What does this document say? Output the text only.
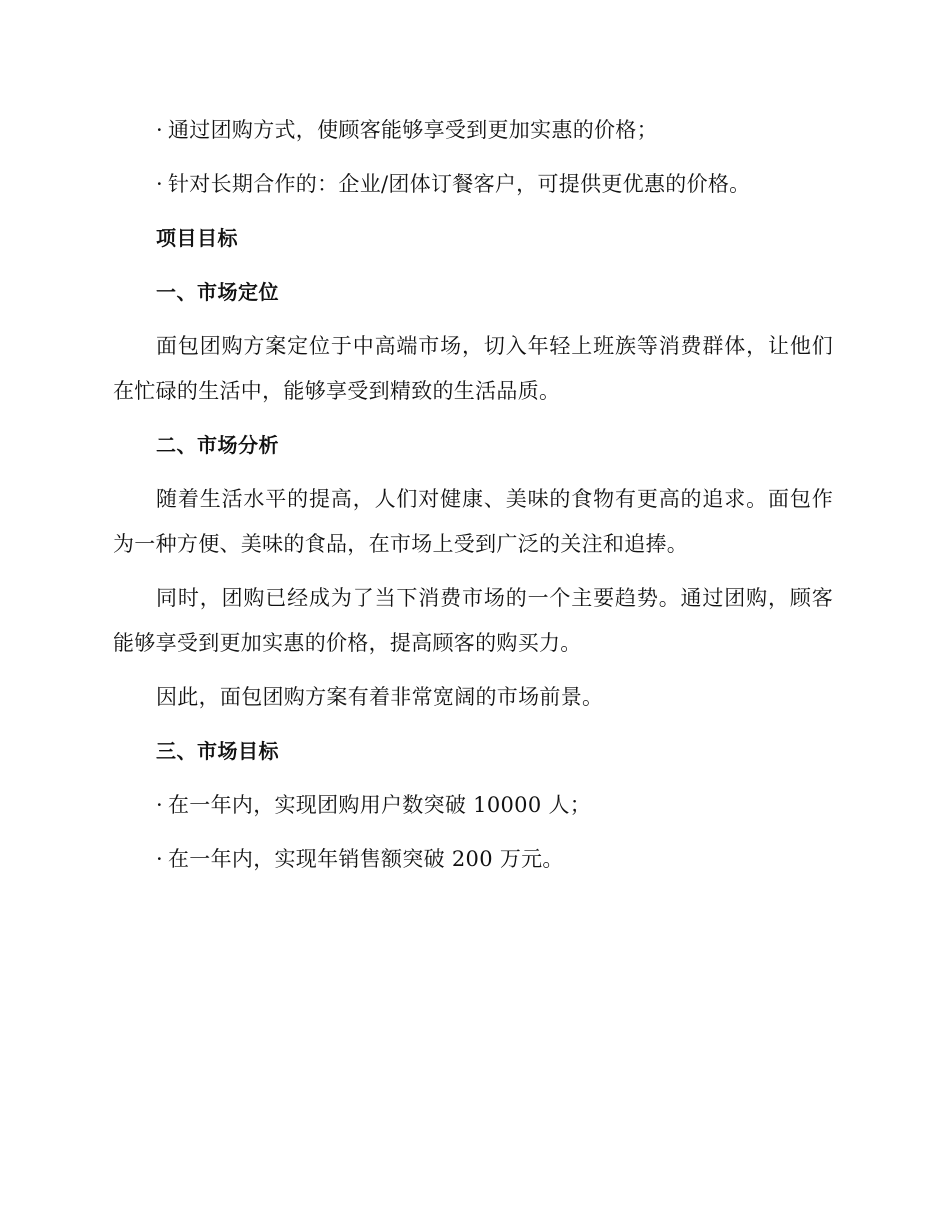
· 通过团购方式，使顾客能够享受到更加实惠的价格；
· 针对长期合作的：企业/团体订餐客户，可提供更优惠的价格。
项目目标
一、市场定位

面包团购方案定位于中高端市场，切入年轻上班族等消费群体，让他们在忙碌的生活中，能够享受到精致的生活品质。

二、市场分析

随着生活水平的提高，人们对健康、美味的食物有更高的追求。面包作为一种方便、美味的食品，在市场上受到广泛的关注和追捧。

同时，团购已经成为了当下消费市场的一个主要趋势。通过团购，顾客能够享受到更加实惠的价格，提高顾客的购买力。

因此，面包团购方案有着非常宽阔的市场前景。

三、市场目标
· 在一年内，实现团购用户数突破 10000 人；
· 在一年内，实现年销售额突破 200 万元。
